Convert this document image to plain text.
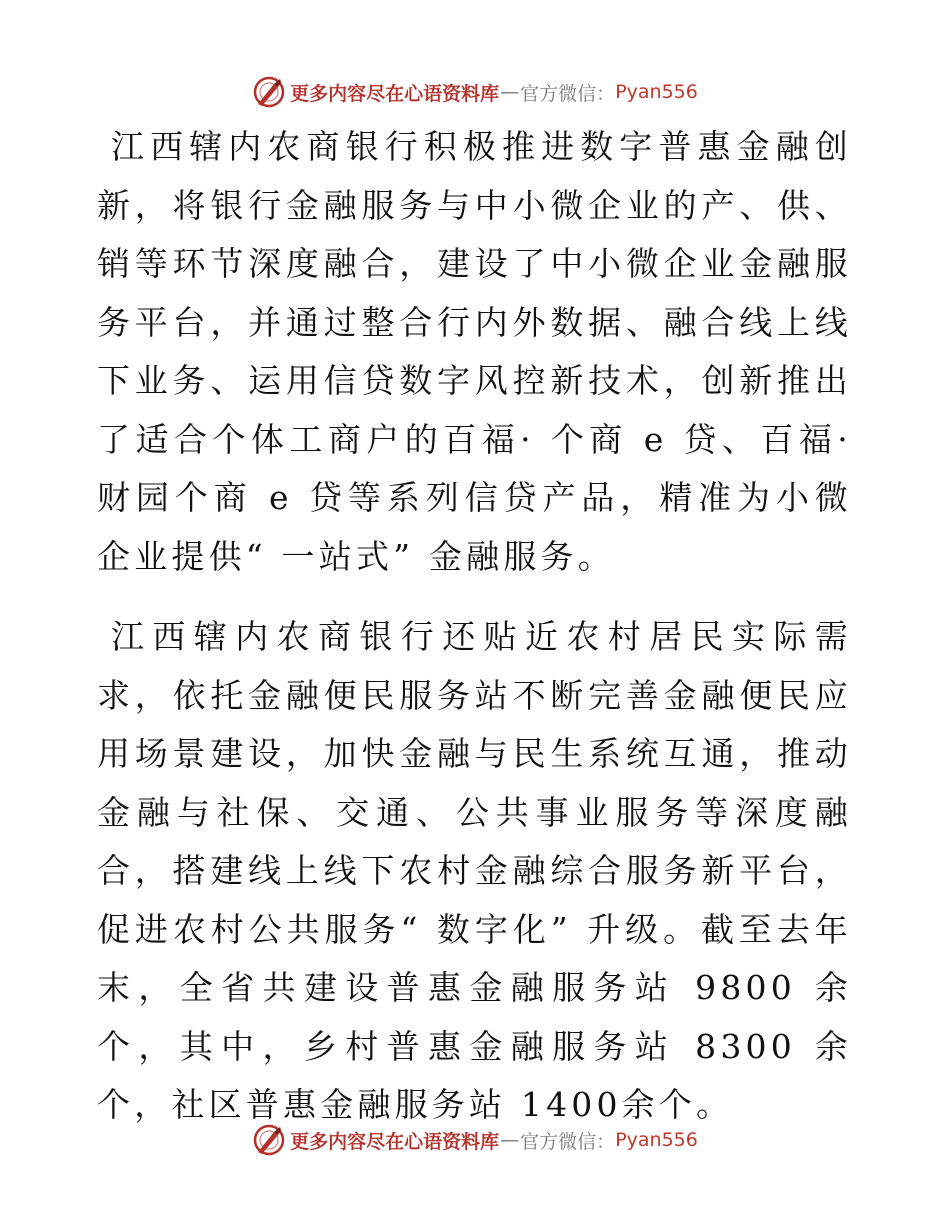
更多内容尽在心语资料库 — 官方微信： Pyan556

江西辖内农商银行积极推进数字普惠金融创新，将银行金融服务与中小微企业的产、供、销等环节深度融合，建设了中小微企业金融服务平台，并通过整合行内外数据、融合线上线下业务、运用信贷数字风控新技术，创新推出了适合个体工商户的百福· 个商 e 贷、百福· 财园个商 e 贷等系列信贷产品，精准为小微企业提供“ 一站式” 金融服务。

江西辖内农商银行还贴近农村居民实际需求，依托金融便民服务站不断完善金融便民应用场景建设，加快金融与民生系统互通，推动金融与社保、交通、公共事业服务等深度融合，搭建线上线下农村金融综合服务新平台，促进农村公共服务“ 数字化” 升级。截至去年末，全省共建设普惠金融服务站 9800 余个，其中，乡村普惠金融服务站 8300 余个，社区普惠金融服务站 1400余个。

更多内容尽在心语资料库 — 官方微信： Pyan556
